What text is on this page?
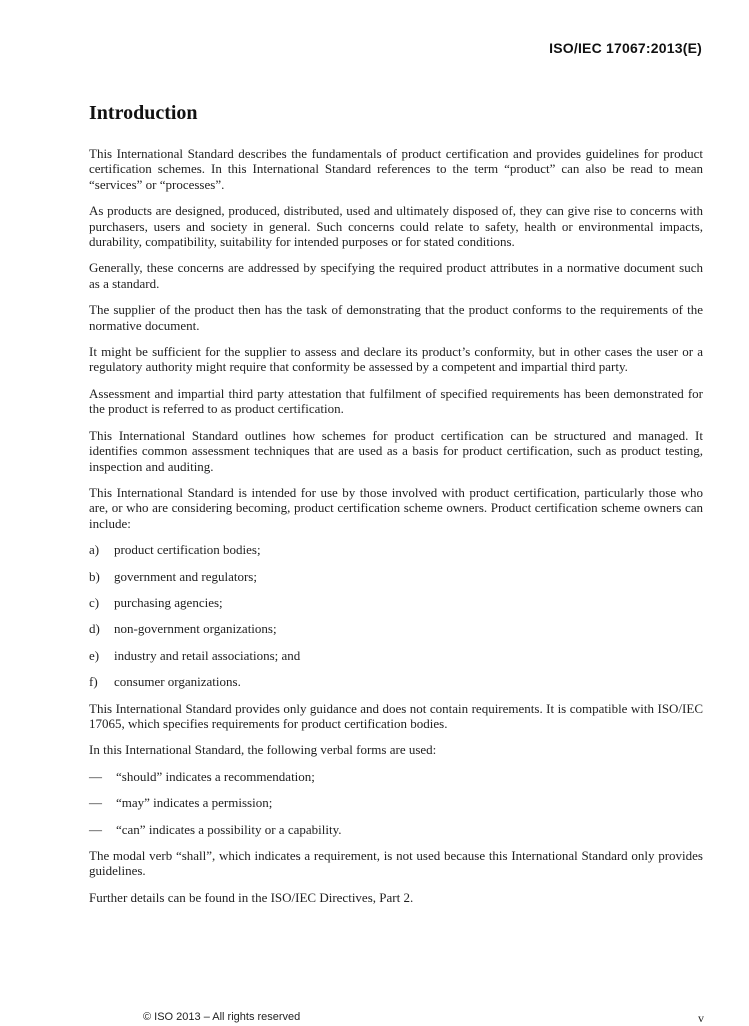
ISO/IEC 17067:2013(E)
Introduction

This International Standard describes the fundamentals of product certification and provides guidelines for product certification schemes. In this International Standard references to the term “product” can also be read to mean “services” or “processes”.

As products are designed, produced, distributed, used and ultimately disposed of, they can give rise to concerns with purchasers, users and society in general. Such concerns could relate to safety, health or environmental impacts, durability, compatibility, suitability for intended purposes or for stated conditions.

Generally, these concerns are addressed by specifying the required product attributes in a normative document such as a standard.

The supplier of the product then has the task of demonstrating that the product conforms to the requirements of the normative document.

It might be sufficient for the supplier to assess and declare its product’s conformity, but in other cases the user or a regulatory authority might require that conformity be assessed by a competent and impartial third party.

Assessment and impartial third party attestation that fulfilment of specified requirements has been demonstrated for the product is referred to as product certification.

This International Standard outlines how schemes for product certification can be structured and managed. It identifies common assessment techniques that are used as a basis for product certification, such as product testing, inspection and auditing.

This International Standard is intended for use by those involved with product certification, particularly those who are, or who are considering becoming, product certification scheme owners. Product certification scheme owners can include:

a)	product certification bodies;
b)	government and regulators;
c)	purchasing agencies;
d)	non-government organizations;
e)	industry and retail associations; and
f)	consumer organizations.

This International Standard provides only guidance and does not contain requirements. It is compatible with ISO/IEC 17065, which specifies requirements for product certification bodies.

In this International Standard, the following verbal forms are used:

—	“should” indicates a recommendation;
—	“may” indicates a permission;
—	“can” indicates a possibility or a capability.

The modal verb “shall”, which indicates a requirement, is not used because this International Standard only provides guidelines.

Further details can be found in the ISO/IEC Directives, Part 2.

© ISO 2013 – All rights reserved	v
